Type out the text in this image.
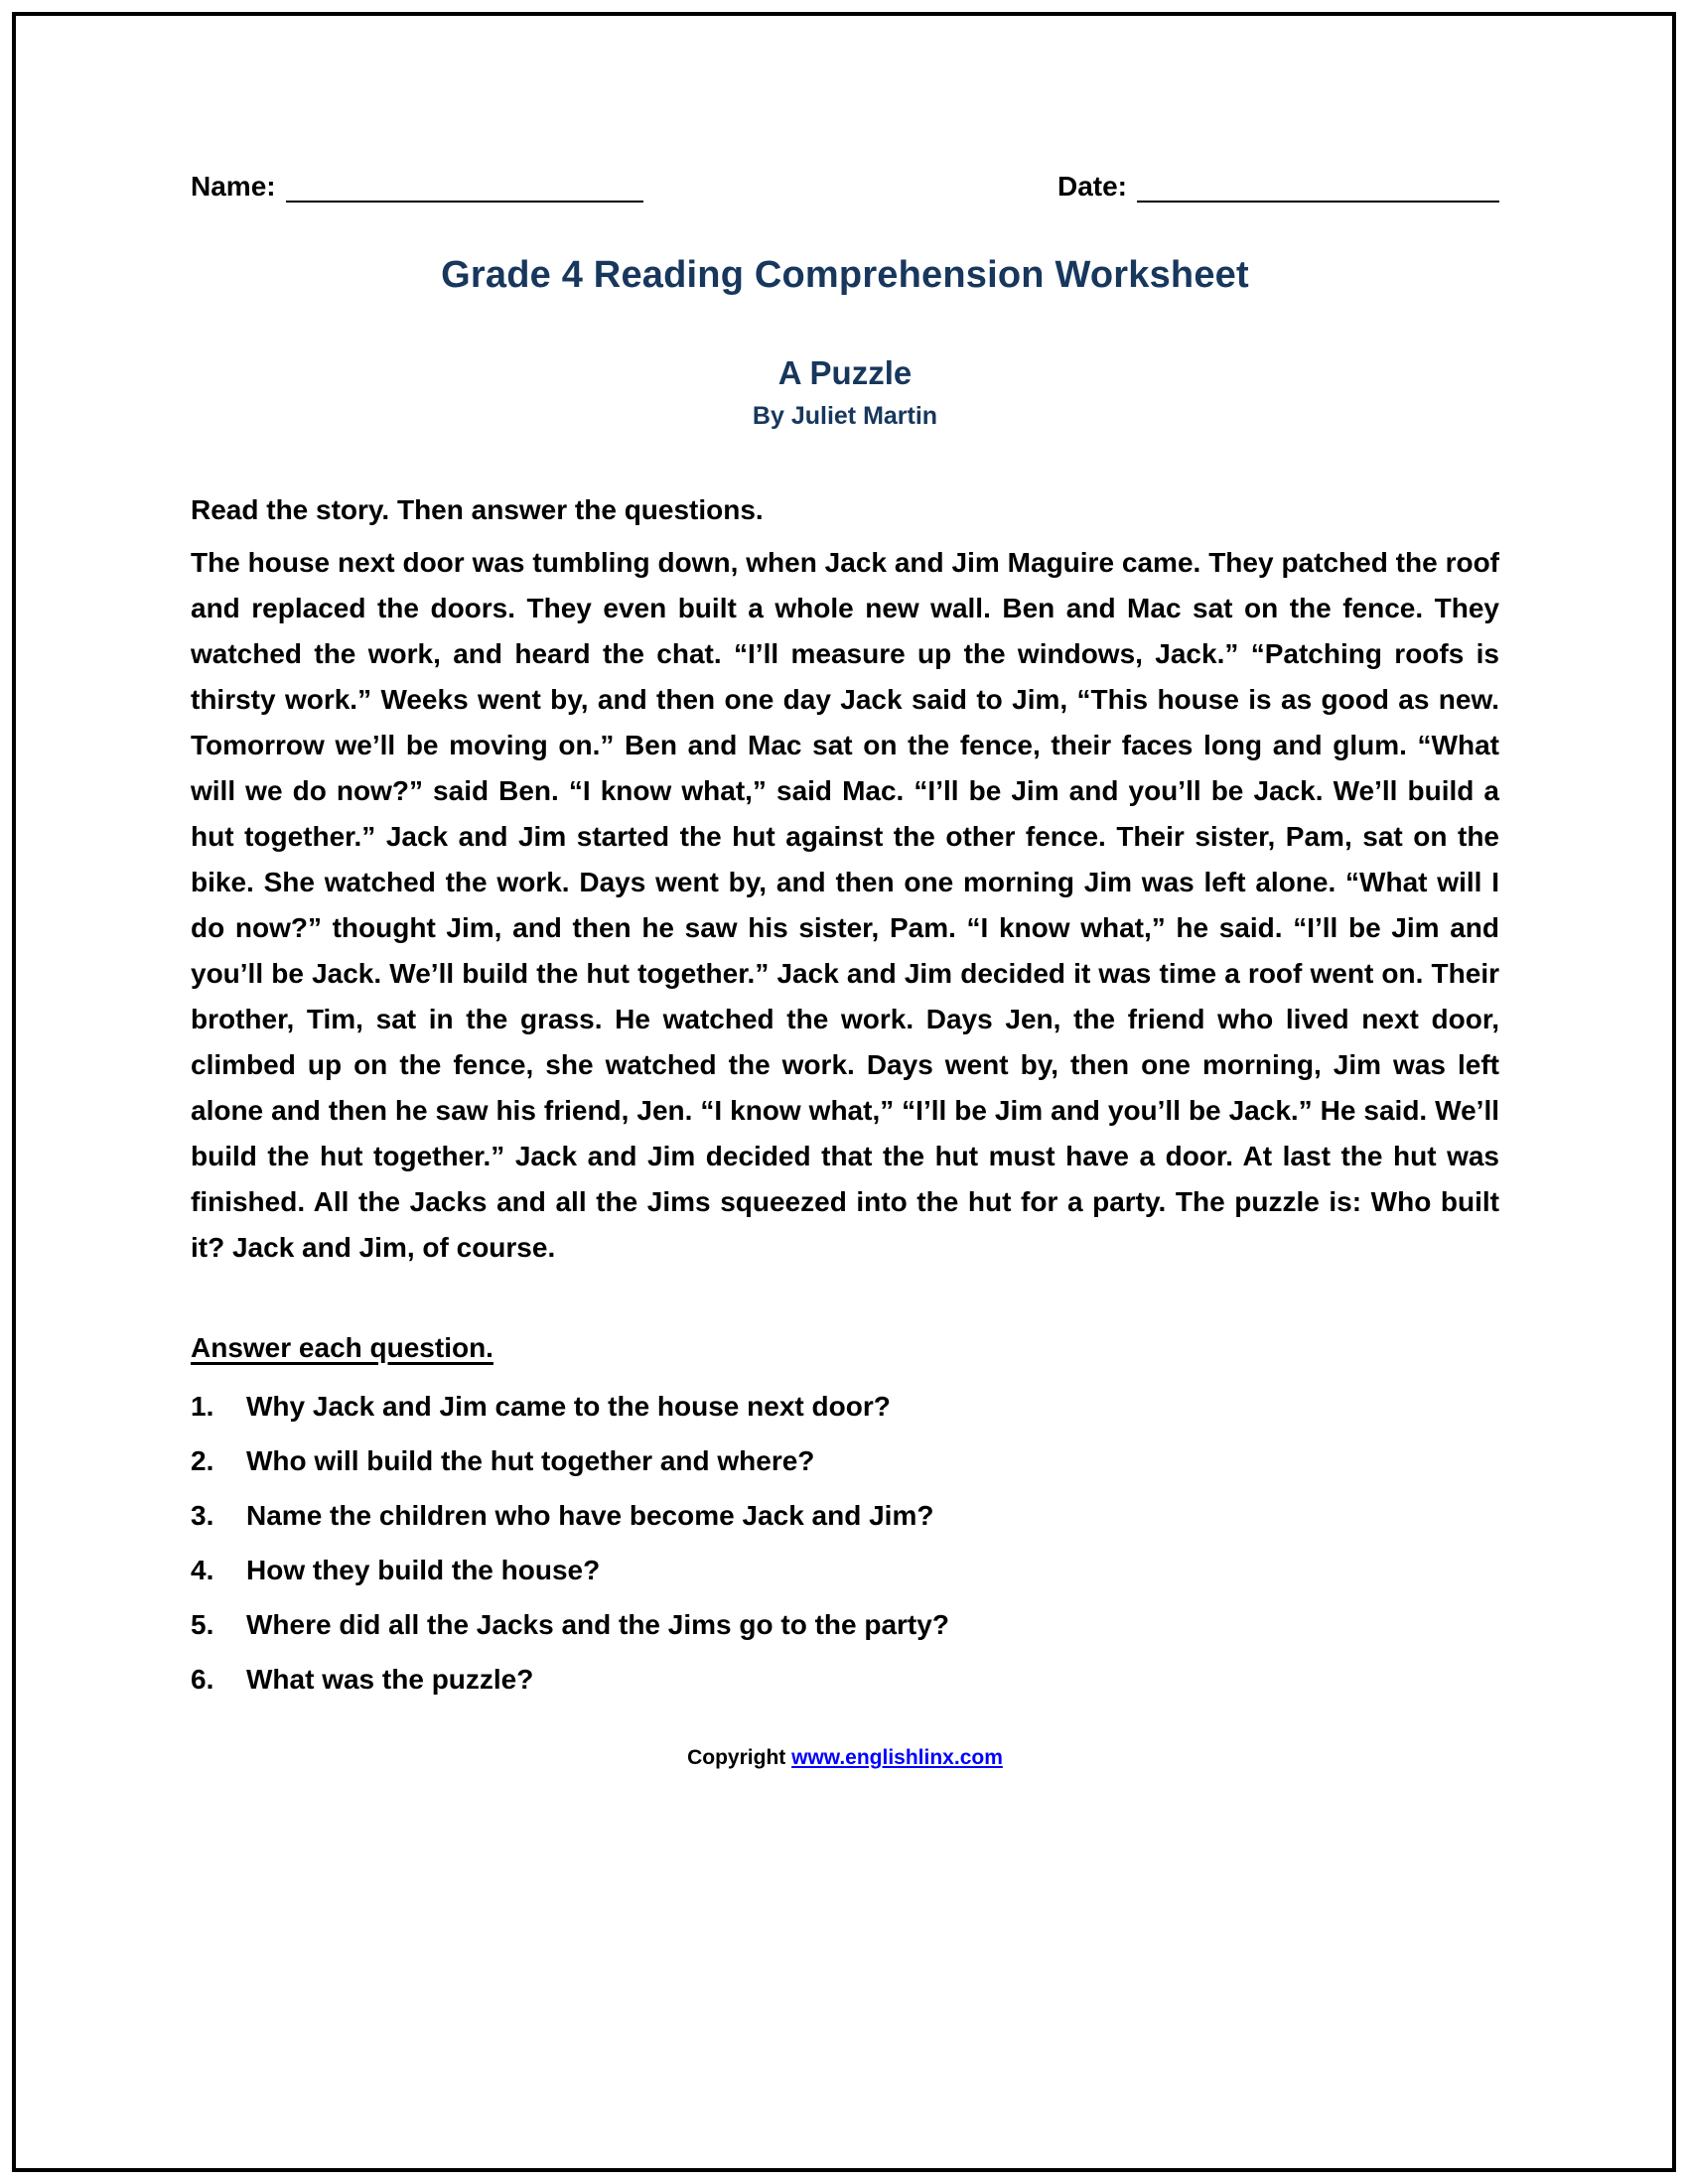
Name:	Date:
Grade 4 Reading Comprehension Worksheet
A Puzzle
By Juliet Martin
Read the story. Then answer the questions.
The house next door was tumbling down, when Jack and Jim Maguire came. They patched the roof and replaced the doors. They even built a whole new wall. Ben and Mac sat on the fence. They watched the work, and heard the chat. “I’ll measure up the windows, Jack.” “Patching roofs is thirsty work.” Weeks went by, and then one day Jack said to Jim, “This house is as good as new. Tomorrow we’ll be moving on.” Ben and Mac sat on the fence, their faces long and glum. “What will we do now?” said Ben. “I know what,” said Mac. “I’ll be Jim and you’ll be Jack. We’ll build a hut together.” Jack and Jim started the hut against the other fence. Their sister, Pam, sat on the bike. She watched the work. Days went by, and then one morning Jim was left alone. “What will I do now?” thought Jim, and then he saw his sister, Pam. “I know what,” he said. “I’ll be Jim and you’ll be Jack. We’ll build the hut together.” Jack and Jim decided it was time a roof went on. Their brother, Tim, sat in the grass. He watched the work. Days Jen, the friend who lived next door, climbed up on the fence, she watched the work. Days went by, then one morning, Jim was left alone and then he saw his friend, Jen. “I know what,” “I’ll be Jim and you’ll be Jack.” He said. We’ll build the hut together.” Jack and Jim decided that the hut must have a door. At last the hut was finished. All the Jacks and all the Jims squeezed into the hut for a party. The puzzle is: Who built it? Jack and Jim, of course.
Answer each question.
1.	Why Jack and Jim came to the house next door?
2.	Who will build the hut together and where?
3.	Name the children who have become Jack and Jim?
4.	How they build the house?
5.	Where did all the Jacks and the Jims go to the party?
6.	What was the puzzle?
Copyright www.englishlinx.com
